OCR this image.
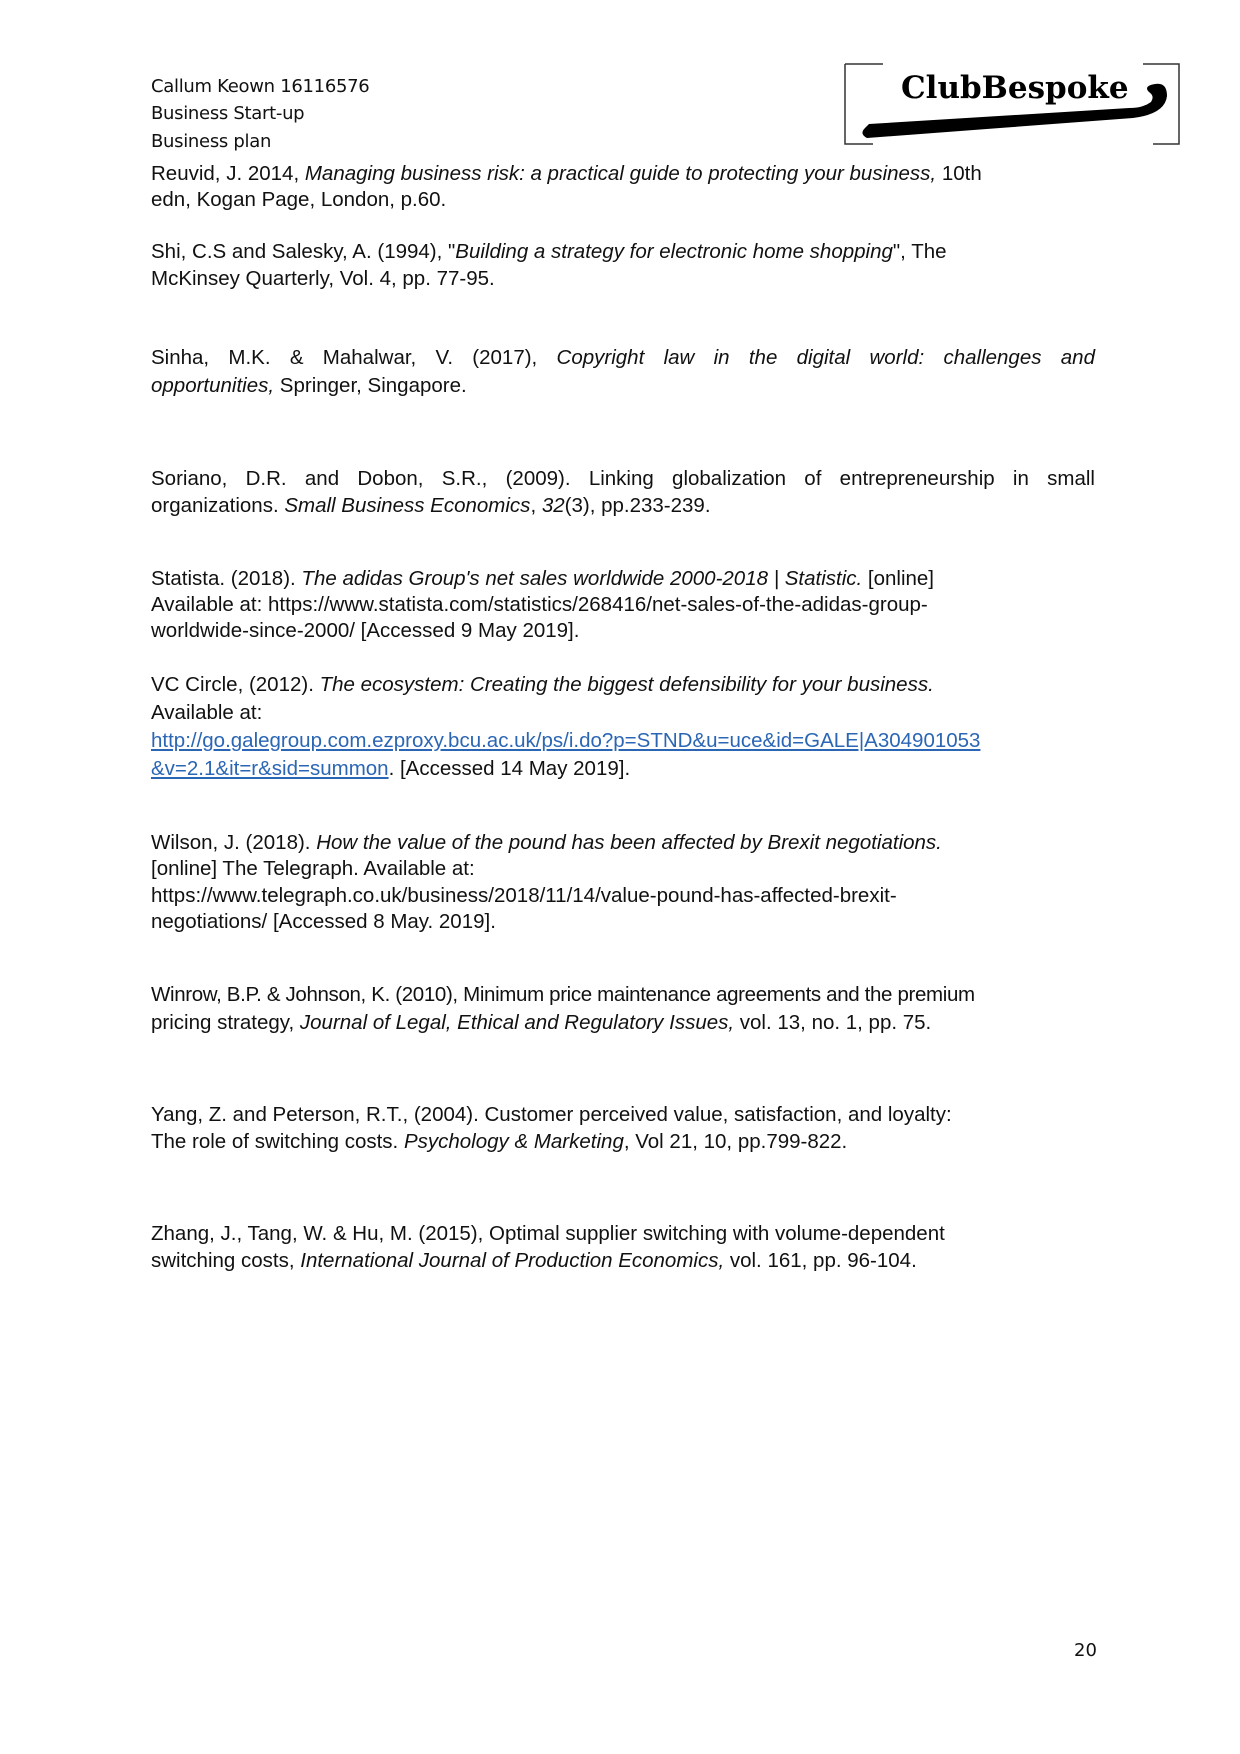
Callum Keown 16116576
Business Start-up
Business plan
ClubBespoke
Reuvid, J. 2014, Managing business risk: a practical guide to protecting your business, 10th
edn, Kogan Page, London, p.60.
Shi, C.S and Salesky, A. (1994), "Building a strategy for electronic home shopping", The
McKinsey Quarterly, Vol. 4, pp. 77-95.
Sinha, M.K. & Mahalwar, V. (2017), Copyright law in the digital world: challenges and
opportunities, Springer, Singapore.
Soriano, D.R. and Dobon, S.R., (2009). Linking globalization of entrepreneurship in small
organizations. Small Business Economics, 32(3), pp.233-239.
Statista. (2018). The adidas Group's net sales worldwide 2000-2018 | Statistic. [online]
Available at: https://www.statista.com/statistics/268416/net-sales-of-the-adidas-group-
worldwide-since-2000/ [Accessed 9 May 2019].
VC Circle, (2012). The ecosystem: Creating the biggest defensibility for your business.
Available at:
http://go.galegroup.com.ezproxy.bcu.ac.uk/ps/i.do?p=STND&u=uce&id=GALE|A304901053
&v=2.1&it=r&sid=summon. [Accessed 14 May 2019].
Wilson, J. (2018). How the value of the pound has been affected by Brexit negotiations.
[online] The Telegraph. Available at:
https://www.telegraph.co.uk/business/2018/11/14/value-pound-has-affected-brexit-
negotiations/ [Accessed 8 May. 2019].
Winrow, B.P. & Johnson, K. (2010), Minimum price maintenance agreements and the premium
pricing strategy, Journal of Legal, Ethical and Regulatory Issues, vol. 13, no. 1, pp. 75.
Yang, Z. and Peterson, R.T., (2004). Customer perceived value, satisfaction, and loyalty:
The role of switching costs. Psychology & Marketing, Vol 21, 10, pp.799-822.
Zhang, J., Tang, W. & Hu, M. (2015), Optimal supplier switching with volume-dependent
switching costs, International Journal of Production Economics, vol. 161, pp. 96-104.
20
